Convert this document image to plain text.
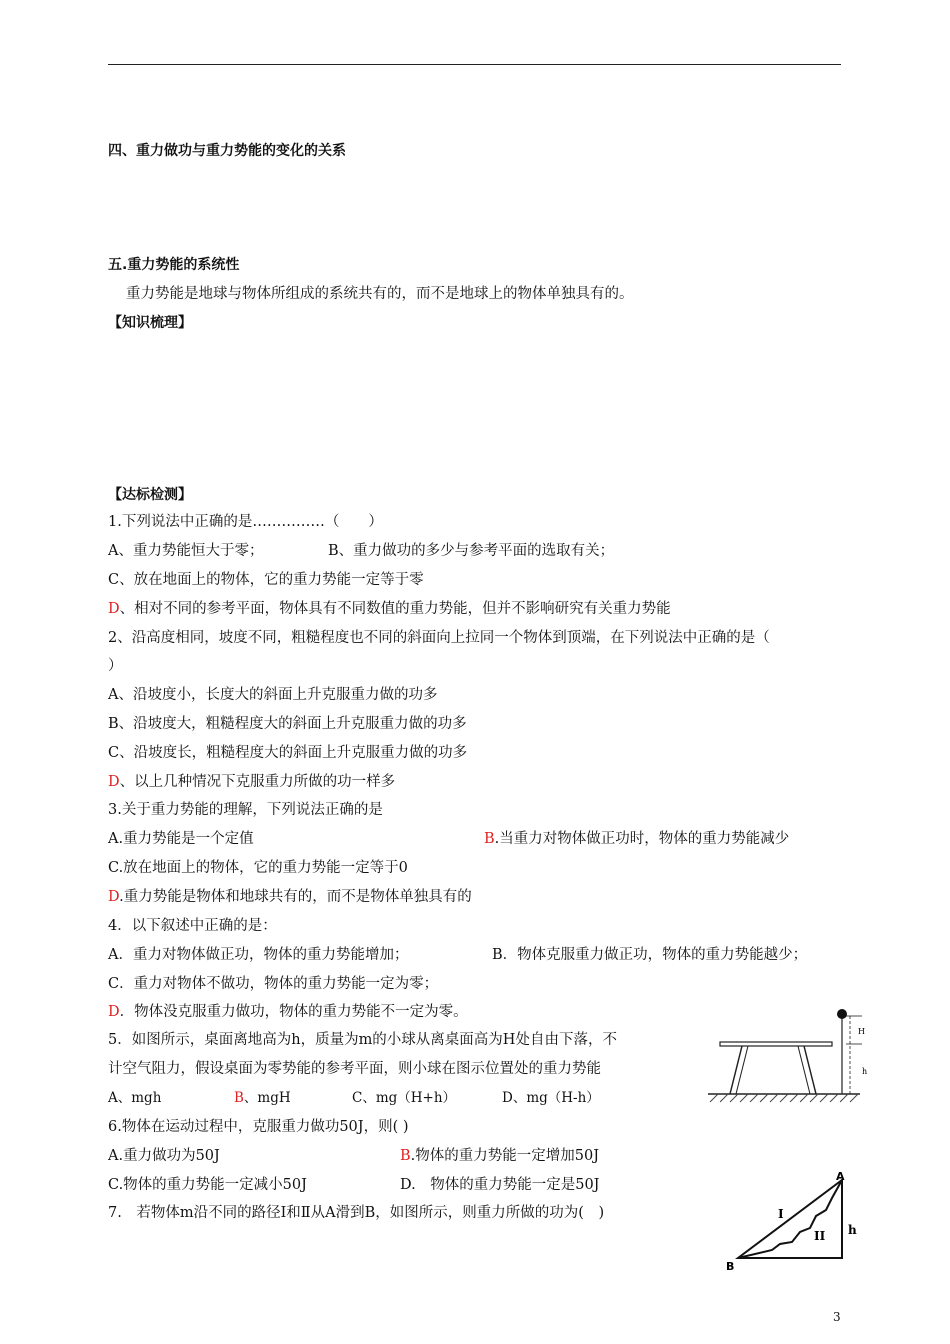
四、重力做功与重力势能的变化的关系
五.重力势能的系统性
重力势能是地球与物体所组成的系统共有的，而不是地球上的物体单独具有的。
【知识梳理】
【达标检测】
1.下列说法中正确的是……………（　　）
A、重力势能恒大于零；	B、重力做功的多少与参考平面的选取有关；
C、放在地面上的物体，它的重力势能一定等于零
D、相对不同的参考平面，物体具有不同数值的重力势能，但并不影响研究有关重力势能
2、沿高度相同，坡度不同，粗糙程度也不同的斜面向上拉同一个物体到顶端，在下列说法中正确的是（
）
A、沿坡度小，长度大的斜面上升克服重力做的功多
B、沿坡度大，粗糙程度大的斜面上升克服重力做的功多
C、沿坡度长，粗糙程度大的斜面上升克服重力做的功多
D、以上几种情况下克服重力所做的功一样多
3.关于重力势能的理解，下列说法正确的是
A.重力势能是一个定值	B.当重力对物体做正功时，物体的重力势能减少
C.放在地面上的物体，它的重力势能一定等于0
D.重力势能是物体和地球共有的，而不是物体单独具有的
4．以下叙述中正确的是：
A．重力对物体做正功，物体的重力势能增加；	B．物体克服重力做正功，物体的重力势能越少；
C．重力对物体不做功，物体的重力势能一定为零；
D．物体没克服重力做功，物体的重力势能不一定为零。
5．如图所示，桌面离地高为h，质量为m的小球从离桌面高为H处自由下落，不
计空气阻力，假设桌面为零势能的参考平面，则小球在图示位置处的重力势能
A、mgh	B、mgH	C、mg（H+h）	D、mg（H-h）
H
h
6.物体在运动过程中，克服重力做功50J，则( )
A.重力做功为50J	B.物体的重力势能一定增加50J
C.物体的重力势能一定减小50J	D.　物体的重力势能一定是50J
7.　若物体m沿不同的路径Ⅰ和Ⅱ从A滑到B，如图所示，则重力所做的功为(　)
A
B
I
II h
3
